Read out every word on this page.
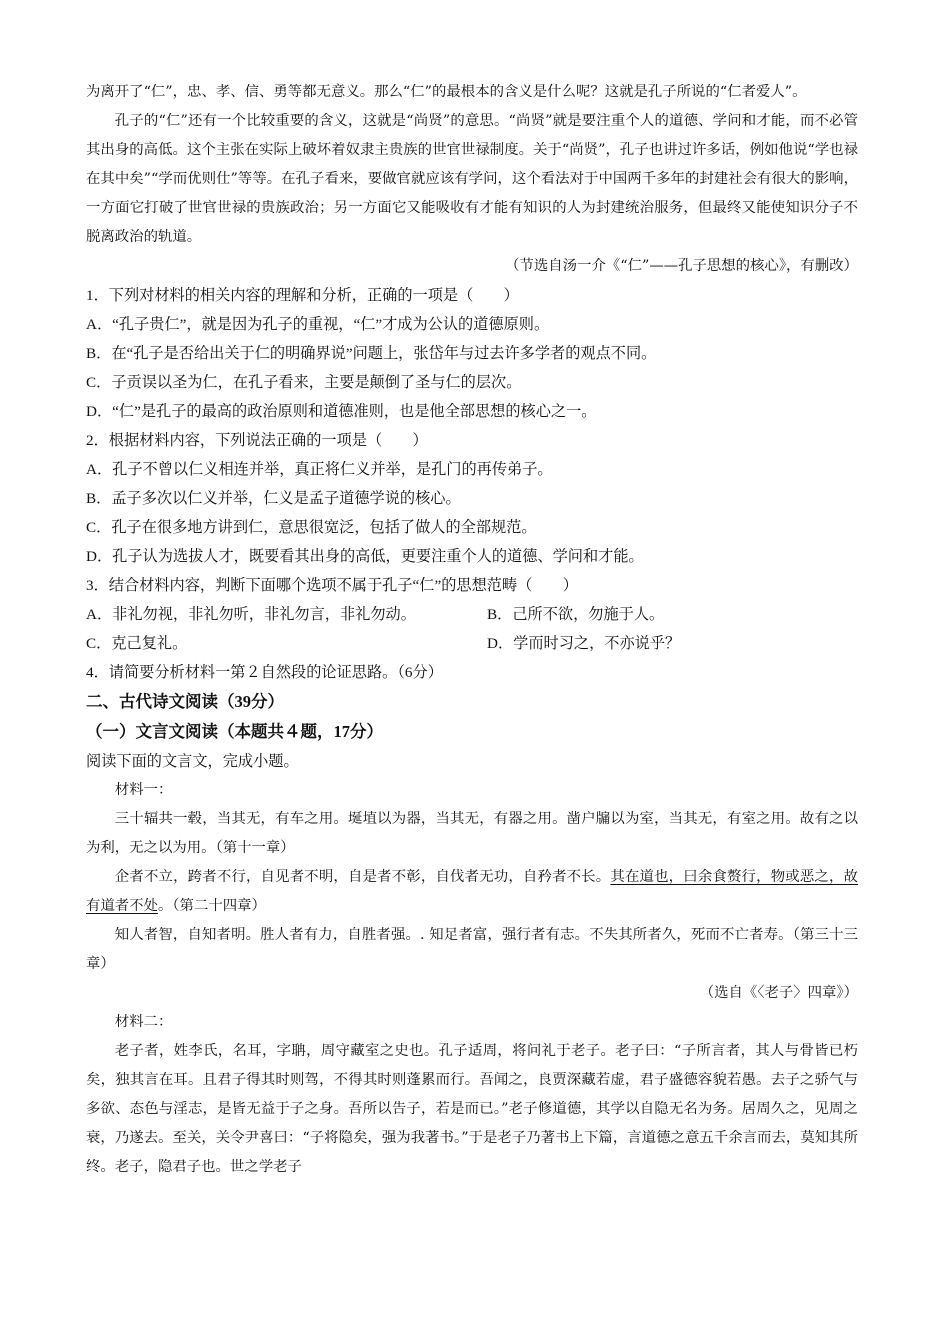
为离开了“仁”，忠、孝、信、勇等都无意义。那么“仁”的最根本的含义是什么呢？这就是孔子所说的“仁者爱人”。

孔子的“仁”还有一个比较重要的含义，这就是“尚贤”的意思。“尚贤”就是要注重个人的道德、学问和才能，而不必管其出身的高低。这个主张在实际上破坏着奴隶主贵族的世官世禄制度。关于“尚贤”，孔子也讲过许多话，例如他说“学也禄在其中矣”“学而优则仕”等等。在孔子看来，要做官就应该有学问，这个看法对于中国两千多年的封建社会有很大的影响，一方面它打破了世官世禄的贵族政治；另一方面它又能吸收有才能有知识的人为封建统治服务，但最终又能使知识分子不脱离政治的轨道。

（节选自汤一介《“仁”——孔子思想的核心》，有删改）

1．下列对材料的相关内容的理解和分析，正确的一项是（　　）

A．“孔子贵仁”，就是因为孔子的重视，“仁”才成为公认的道德原则。

B．在“孔子是否给出关于仁的明确界说”问题上，张岱年与过去许多学者的观点不同。

C．子贡误以圣为仁，在孔子看来，主要是颠倒了圣与仁的层次。

D．“仁”是孔子的最高的政治原则和道德准则，也是他全部思想的核心之一。

2．根据材料内容，下列说法正确的一项是（　　）

A．孔子不曾以仁义相连并举，真正将仁义并举，是孔门的再传弟子。

B．孟子多次以仁义并举，仁义是孟子道德学说的核心。

C．孔子在很多地方讲到仁，意思很宽泛，包括了做人的全部规范。

D．孔子认为选拔人才，既要看其出身的高低，更要注重个人的道德、学问和才能。

3．结合材料内容，判断下面哪个选项不属于孔子“仁”的思想范畴（　　）

A．非礼勿视，非礼勿听，非礼勿言，非礼勿动。	B．己所不欲，勿施于人。
C．克己复礼。	D．学而时习之，不亦说乎？

4．请简要分析材料一第２自然段的论证思路。（6分）

二、古代诗文阅读（39分）

（一）文言文阅读（本题共４题，17分）

阅读下面的文言文，完成小题。

材料一：

三十辐共一毂，当其无，有车之用。埏埴以为器，当其无，有器之用。凿户牖以为室，当其无，有室之用。故有之以为利，无之以为用。（第十一章）

企者不立，跨者不行，自见者不明，自是者不彰，自伐者无功，自矜者不长。其在道也，曰余食赘行，物或恶之，故有道者不处。（第二十四章）

知人者智，自知者明。胜人者有力，自胜者强。. 知足者富，强行者有志。不失其所者久，死而不亡者寿。（第三十三章）

（选自《〈老子〉四章》）

材料二：

老子者，姓李氏，名耳，字聃，周守藏室之史也。孔子适周，将问礼于老子。老子曰：“子所言者，其人与骨皆已朽矣，独其言在耳。且君子得其时则驾，不得其时则蓬累而行。吾闻之，良贾深藏若虚，君子盛德容貌若愚。去子之骄气与多欲、态色与淫志，是皆无益于子之身。吾所以告子，若是而已。”老子修道德，其学以自隐无名为务。居周久之，见周之衰，乃遂去。至关，关令尹喜曰：“子将隐矣，强为我著书。”于是老子乃著书上下篇，言道德之意五千余言而去，莫知其所终。老子，隐君子也。世之学老子
